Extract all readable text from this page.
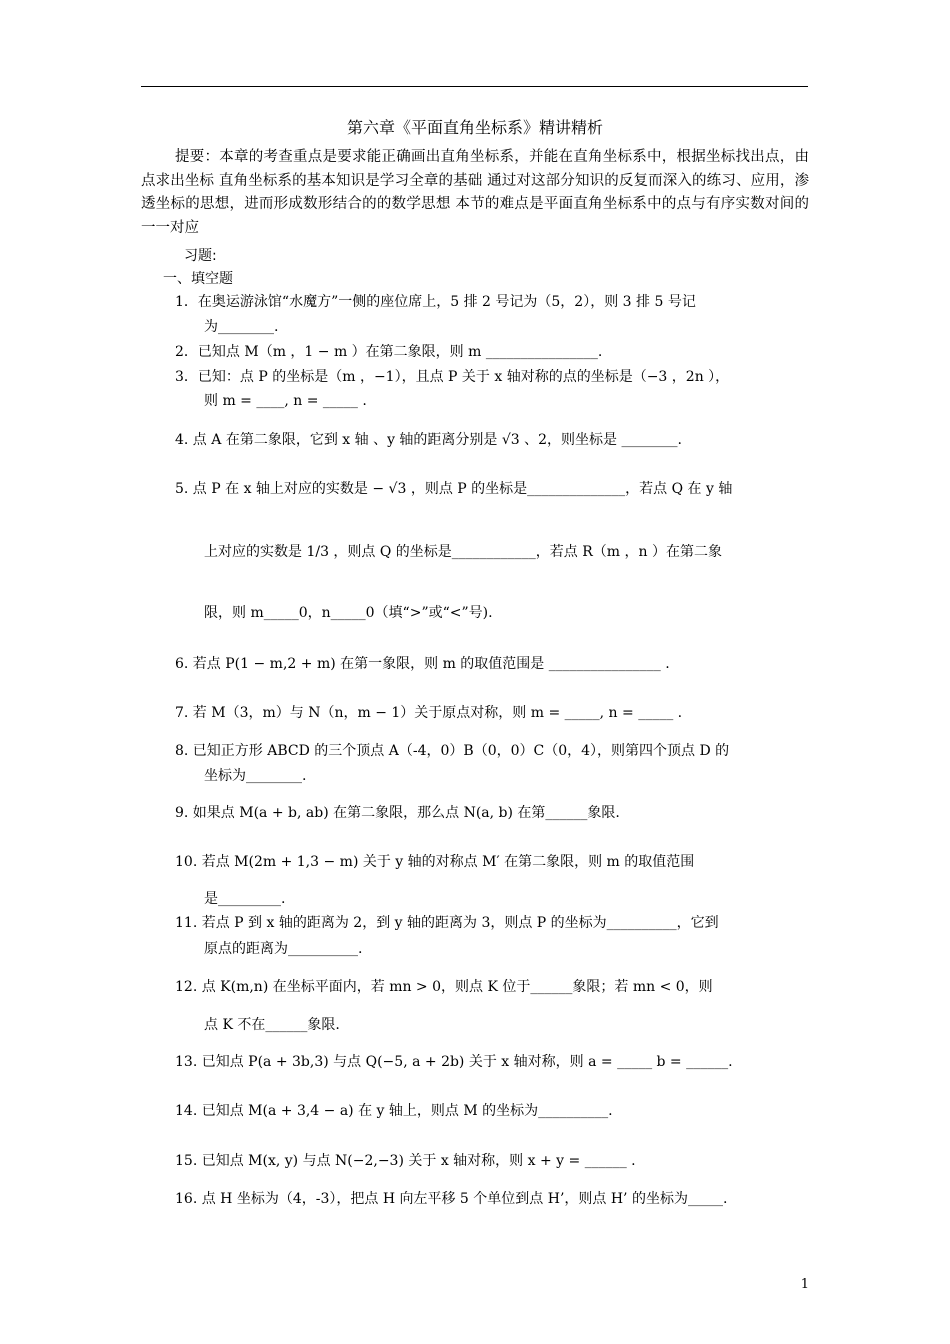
第六章《平面直角坐标系》精讲精析
提要：本章的考查重点是要求能正确画出直角坐标系，并能在直角坐标系中，根据坐标找出点，由点求出坐标 直角坐标系的基本知识是学习全章的基础 通过对这部分知识的反复而深入的练习、应用，渗透坐标的思想，进而形成数形结合的的数学思想 本节的难点是平面直角坐标系中的点与有序实数对间的一一对应
习题:
一、填空题
1．在奥运游泳馆“水魔方”一侧的座位席上，5 排 2 号记为（5，2），则 3 排 5 号记
为________.
2．已知点 M（m ，1 − m ）在第二象限，则 m ________________.
3．已知：点 P 的坐标是（m ，−1），且点 P 关于 x 轴对称的点的坐标是（−3 ，2n ），
则 m = ____, n = _____ .
4. 点 A 在第二象限，它到 x 轴 、y 轴的距离分别是 √3 、2，则坐标是 ________.
5. 点 P 在 x 轴上对应的实数是 − √3 ，则点 P 的坐标是______________，若点 Q 在 y 轴
上对应的实数是 1/3 ，则点 Q 的坐标是____________，若点 R（m ，n ）在第二象
限，则 m_____0，n_____0（填“>”或“<”号).
6. 若点 P(1 − m,2 + m) 在第一象限，则 m 的取值范围是 ________________ .
7. 若 M（3，m）与 N（n，m − 1）关于原点对称，则 m = _____, n = _____ .
8. 已知正方形 ABCD 的三个顶点 A（-4，0）B（0，0）C（0，4），则第四个顶点 D 的
坐标为________.
9. 如果点 M(a + b, ab) 在第二象限，那么点 N(a, b) 在第______象限.
10. 若点 M(2m + 1,3 − m) 关于 y 轴的对称点 M′ 在第二象限，则 m 的取值范围
是_________.
11. 若点 P 到 x 轴的距离为 2，到 y 轴的距离为 3，则点 P 的坐标为__________，它到
原点的距离为__________.
12. 点 K(m,n) 在坐标平面内，若 mn > 0，则点 K 位于______象限；若 mn < 0，则
点 K 不在______象限.
13. 已知点 P(a + 3b,3) 与点 Q(−5, a + 2b) 关于 x 轴对称，则 a = _____ b = ______.
14. 已知点 M(a + 3,4 − a) 在 y 轴上，则点 M 的坐标为__________.
15. 已知点 M(x, y) 与点 N(−2,−3) 关于 x 轴对称，则 x + y = ______ .
16. 点 H 坐标为（4，-3），把点 H 向左平移 5 个单位到点 H’，则点 H’ 的坐标为_____.
1
